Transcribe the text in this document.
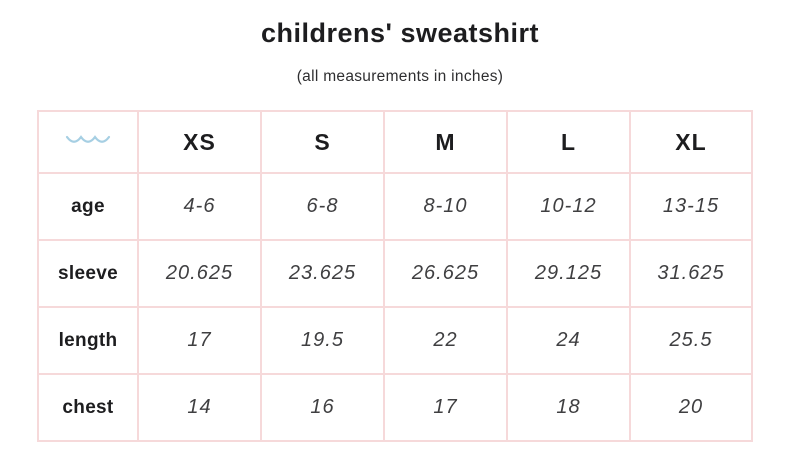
childrens' sweatshirt

(all measurements in inches)

	XS	S	M	L	XL
age	4-6	6-8	8-10	10-12	13-15
sleeve	20.625	23.625	26.625	29.125	31.625
length	17	19.5	22	24	25.5
chest	14	16	17	18	20
